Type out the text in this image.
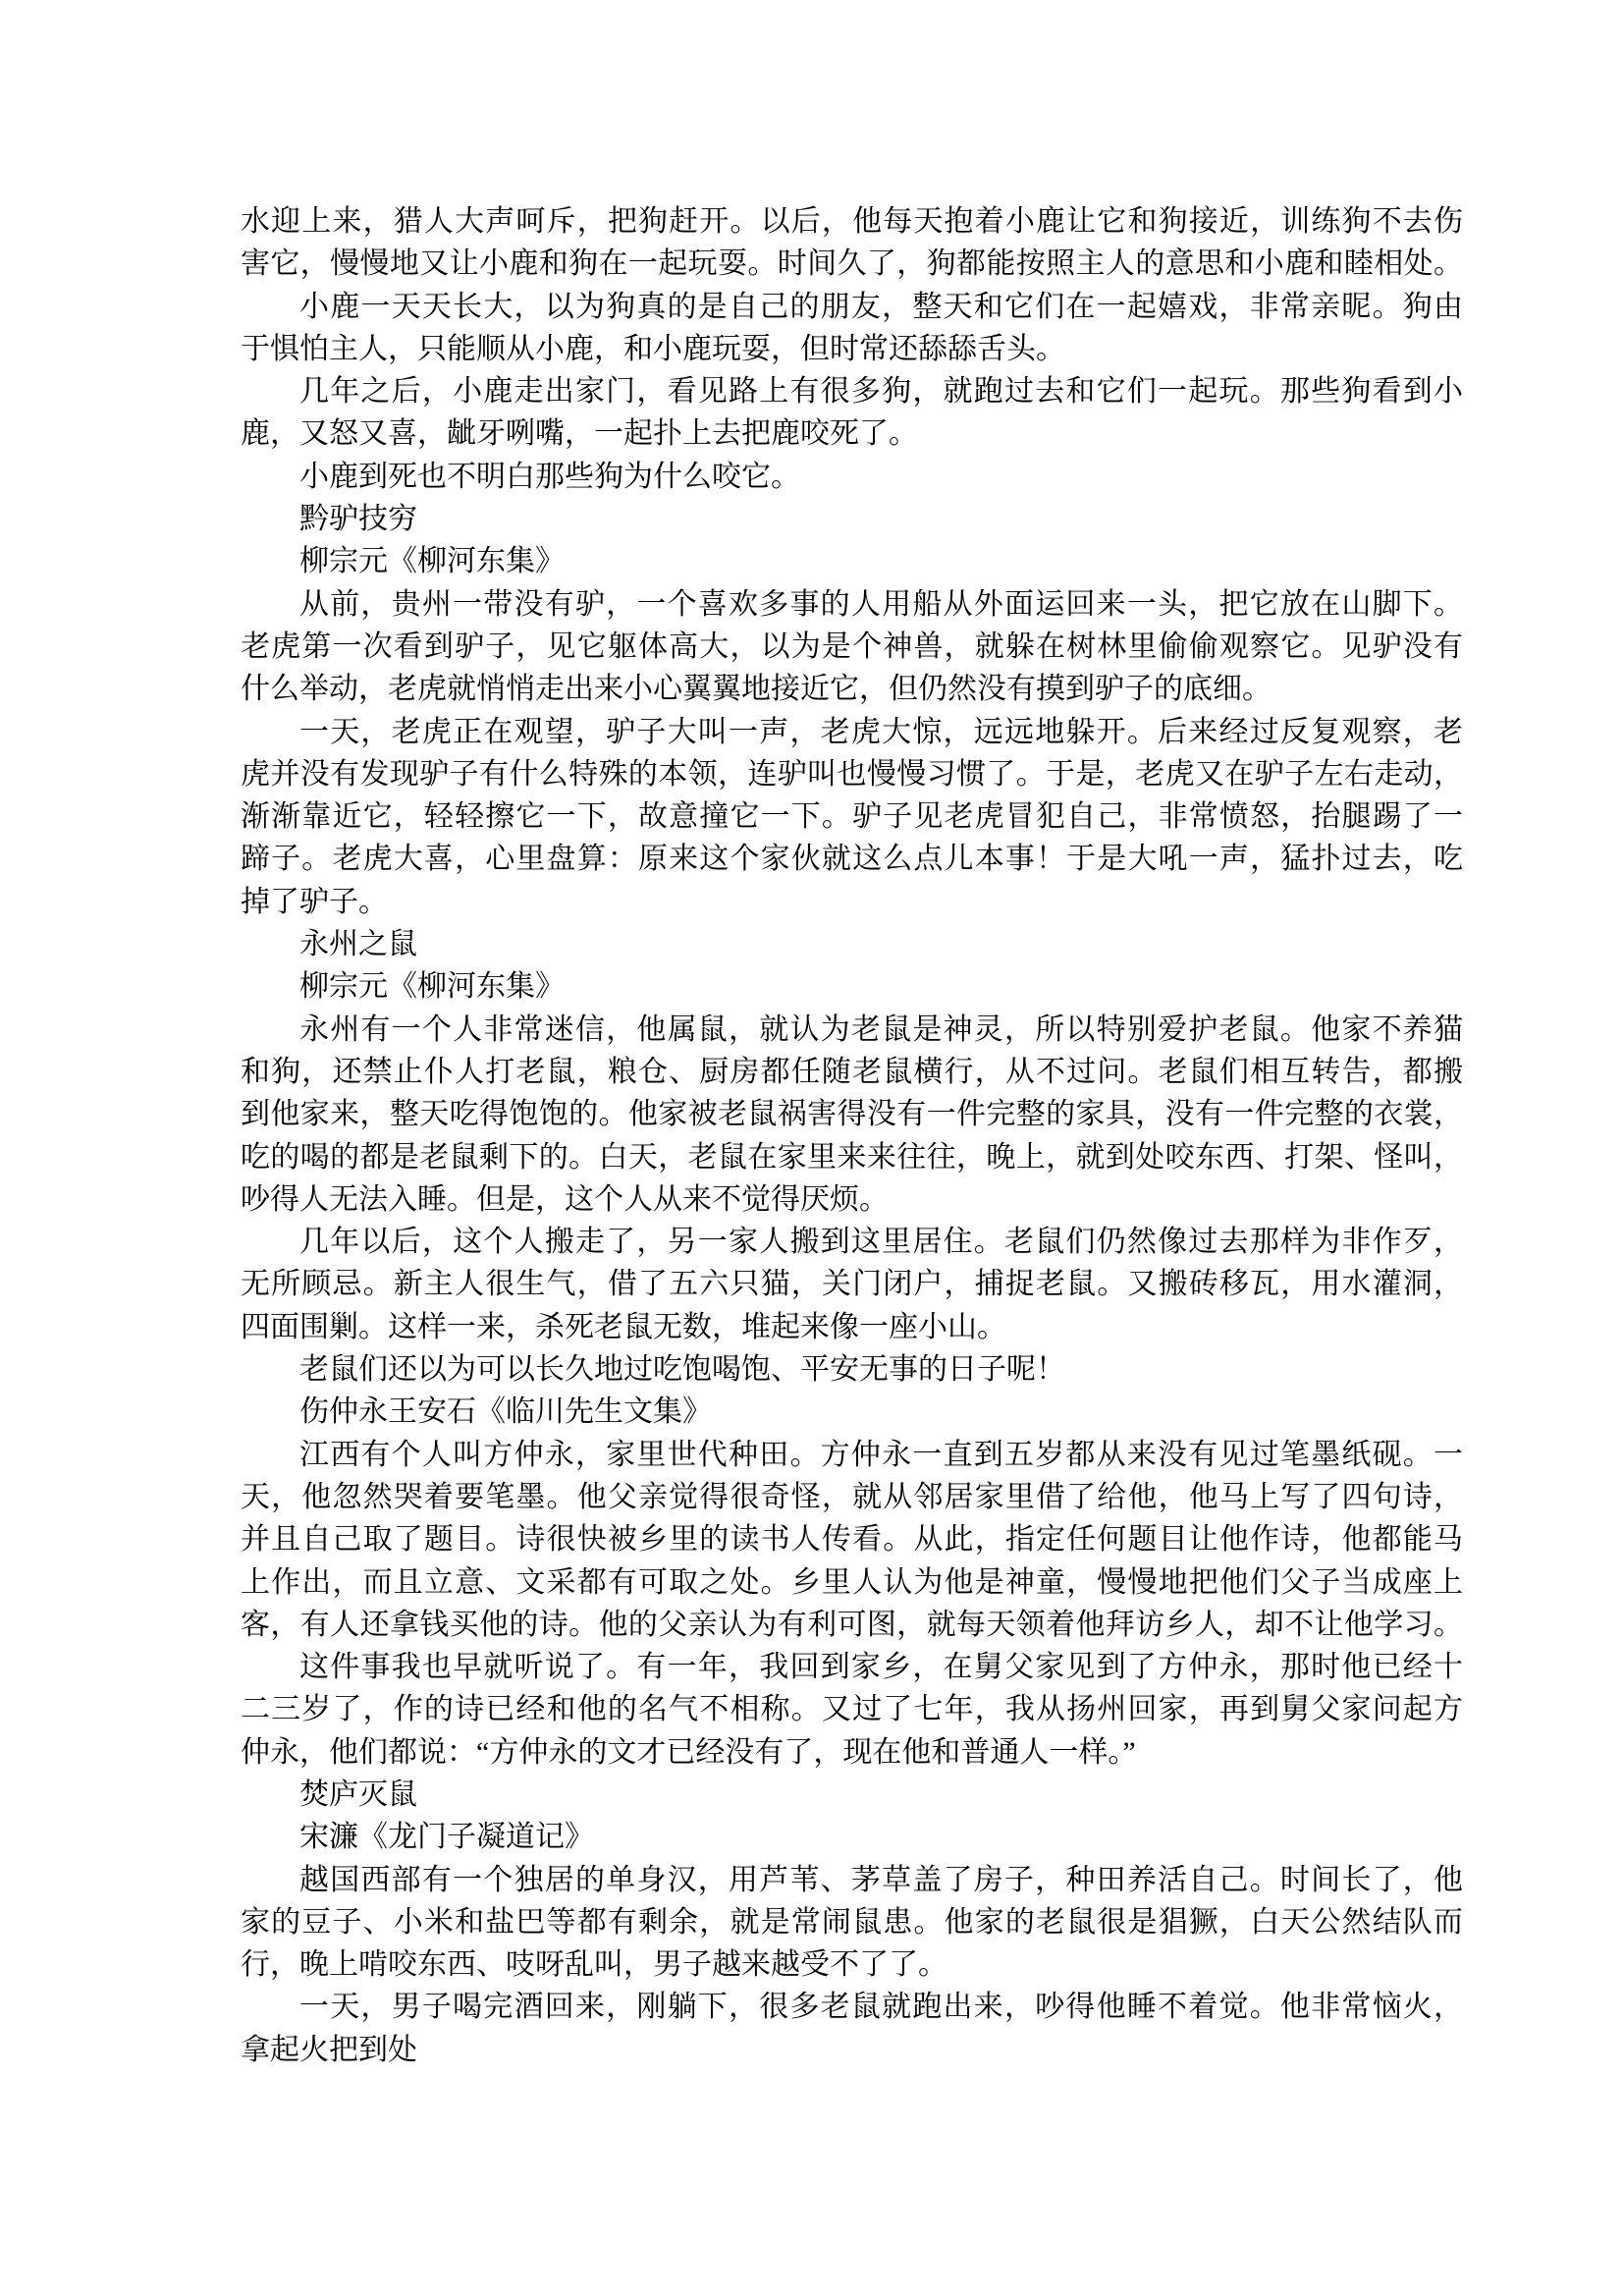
水迎上来，猎人大声呵斥，把狗赶开。以后，他每天抱着小鹿让它和狗接近，训练狗不去伤
害它，慢慢地又让小鹿和狗在一起玩耍。时间久了，狗都能按照主人的意思和小鹿和睦相处。
小鹿一天天长大，以为狗真的是自己的朋友，整天和它们在一起嬉戏，非常亲昵。狗由
于惧怕主人，只能顺从小鹿，和小鹿玩耍，但时常还舔舔舌头。
几年之后，小鹿走出家门，看见路上有很多狗，就跑过去和它们一起玩。那些狗看到小
鹿，又怒又喜，龇牙咧嘴，一起扑上去把鹿咬死了。
小鹿到死也不明白那些狗为什么咬它。
黔驴技穷
柳宗元《柳河东集》
从前，贵州一带没有驴，一个喜欢多事的人用船从外面运回来一头，把它放在山脚下。
老虎第一次看到驴子，见它躯体高大，以为是个神兽，就躲在树林里偷偷观察它。见驴没有
什么举动，老虎就悄悄走出来小心翼翼地接近它，但仍然没有摸到驴子的底细。
一天，老虎正在观望，驴子大叫一声，老虎大惊，远远地躲开。后来经过反复观察，老
虎并没有发现驴子有什么特殊的本领，连驴叫也慢慢习惯了。于是，老虎又在驴子左右走动，
渐渐靠近它，轻轻擦它一下，故意撞它一下。驴子见老虎冒犯自己，非常愤怒，抬腿踢了一
蹄子。老虎大喜，心里盘算：原来这个家伙就这么点儿本事！于是大吼一声，猛扑过去，吃
掉了驴子。
永州之鼠
柳宗元《柳河东集》
永州有一个人非常迷信，他属鼠，就认为老鼠是神灵，所以特别爱护老鼠。他家不养猫
和狗，还禁止仆人打老鼠，粮仓、厨房都任随老鼠横行，从不过问。老鼠们相互转告，都搬
到他家来，整天吃得饱饱的。他家被老鼠祸害得没有一件完整的家具，没有一件完整的衣裳，
吃的喝的都是老鼠剩下的。白天，老鼠在家里来来往往，晚上，就到处咬东西、打架、怪叫，
吵得人无法入睡。但是，这个人从来不觉得厌烦。
几年以后，这个人搬走了，另一家人搬到这里居住。老鼠们仍然像过去那样为非作歹，
无所顾忌。新主人很生气，借了五六只猫，关门闭户，捕捉老鼠。又搬砖移瓦，用水灌洞，
四面围剿。这样一来，杀死老鼠无数，堆起来像一座小山。
老鼠们还以为可以长久地过吃饱喝饱、平安无事的日子呢！
伤仲永王安石《临川先生文集》
江西有个人叫方仲永，家里世代种田。方仲永一直到五岁都从来没有见过笔墨纸砚。一
天，他忽然哭着要笔墨。他父亲觉得很奇怪，就从邻居家里借了给他，他马上写了四句诗，
并且自己取了题目。诗很快被乡里的读书人传看。从此，指定任何题目让他作诗，他都能马
上作出，而且立意、文采都有可取之处。乡里人认为他是神童，慢慢地把他们父子当成座上
客，有人还拿钱买他的诗。他的父亲认为有利可图，就每天领着他拜访乡人，却不让他学习。
这件事我也早就听说了。有一年，我回到家乡，在舅父家见到了方仲永，那时他已经十
二三岁了，作的诗已经和他的名气不相称。又过了七年，我从扬州回家，再到舅父家问起方
仲永，他们都说：“方仲永的文才已经没有了，现在他和普通人一样。”
焚庐灭鼠
宋濂《龙门子凝道记》
越国西部有一个独居的单身汉，用芦苇、茅草盖了房子，种田养活自己。时间长了，他
家的豆子、小米和盐巴等都有剩余，就是常闹鼠患。他家的老鼠很是猖獗，白天公然结队而
行，晚上啃咬东西、吱呀乱叫，男子越来越受不了了。
一天，男子喝完酒回来，刚躺下，很多老鼠就跑出来，吵得他睡不着觉。他非常恼火，
拿起火把到处
